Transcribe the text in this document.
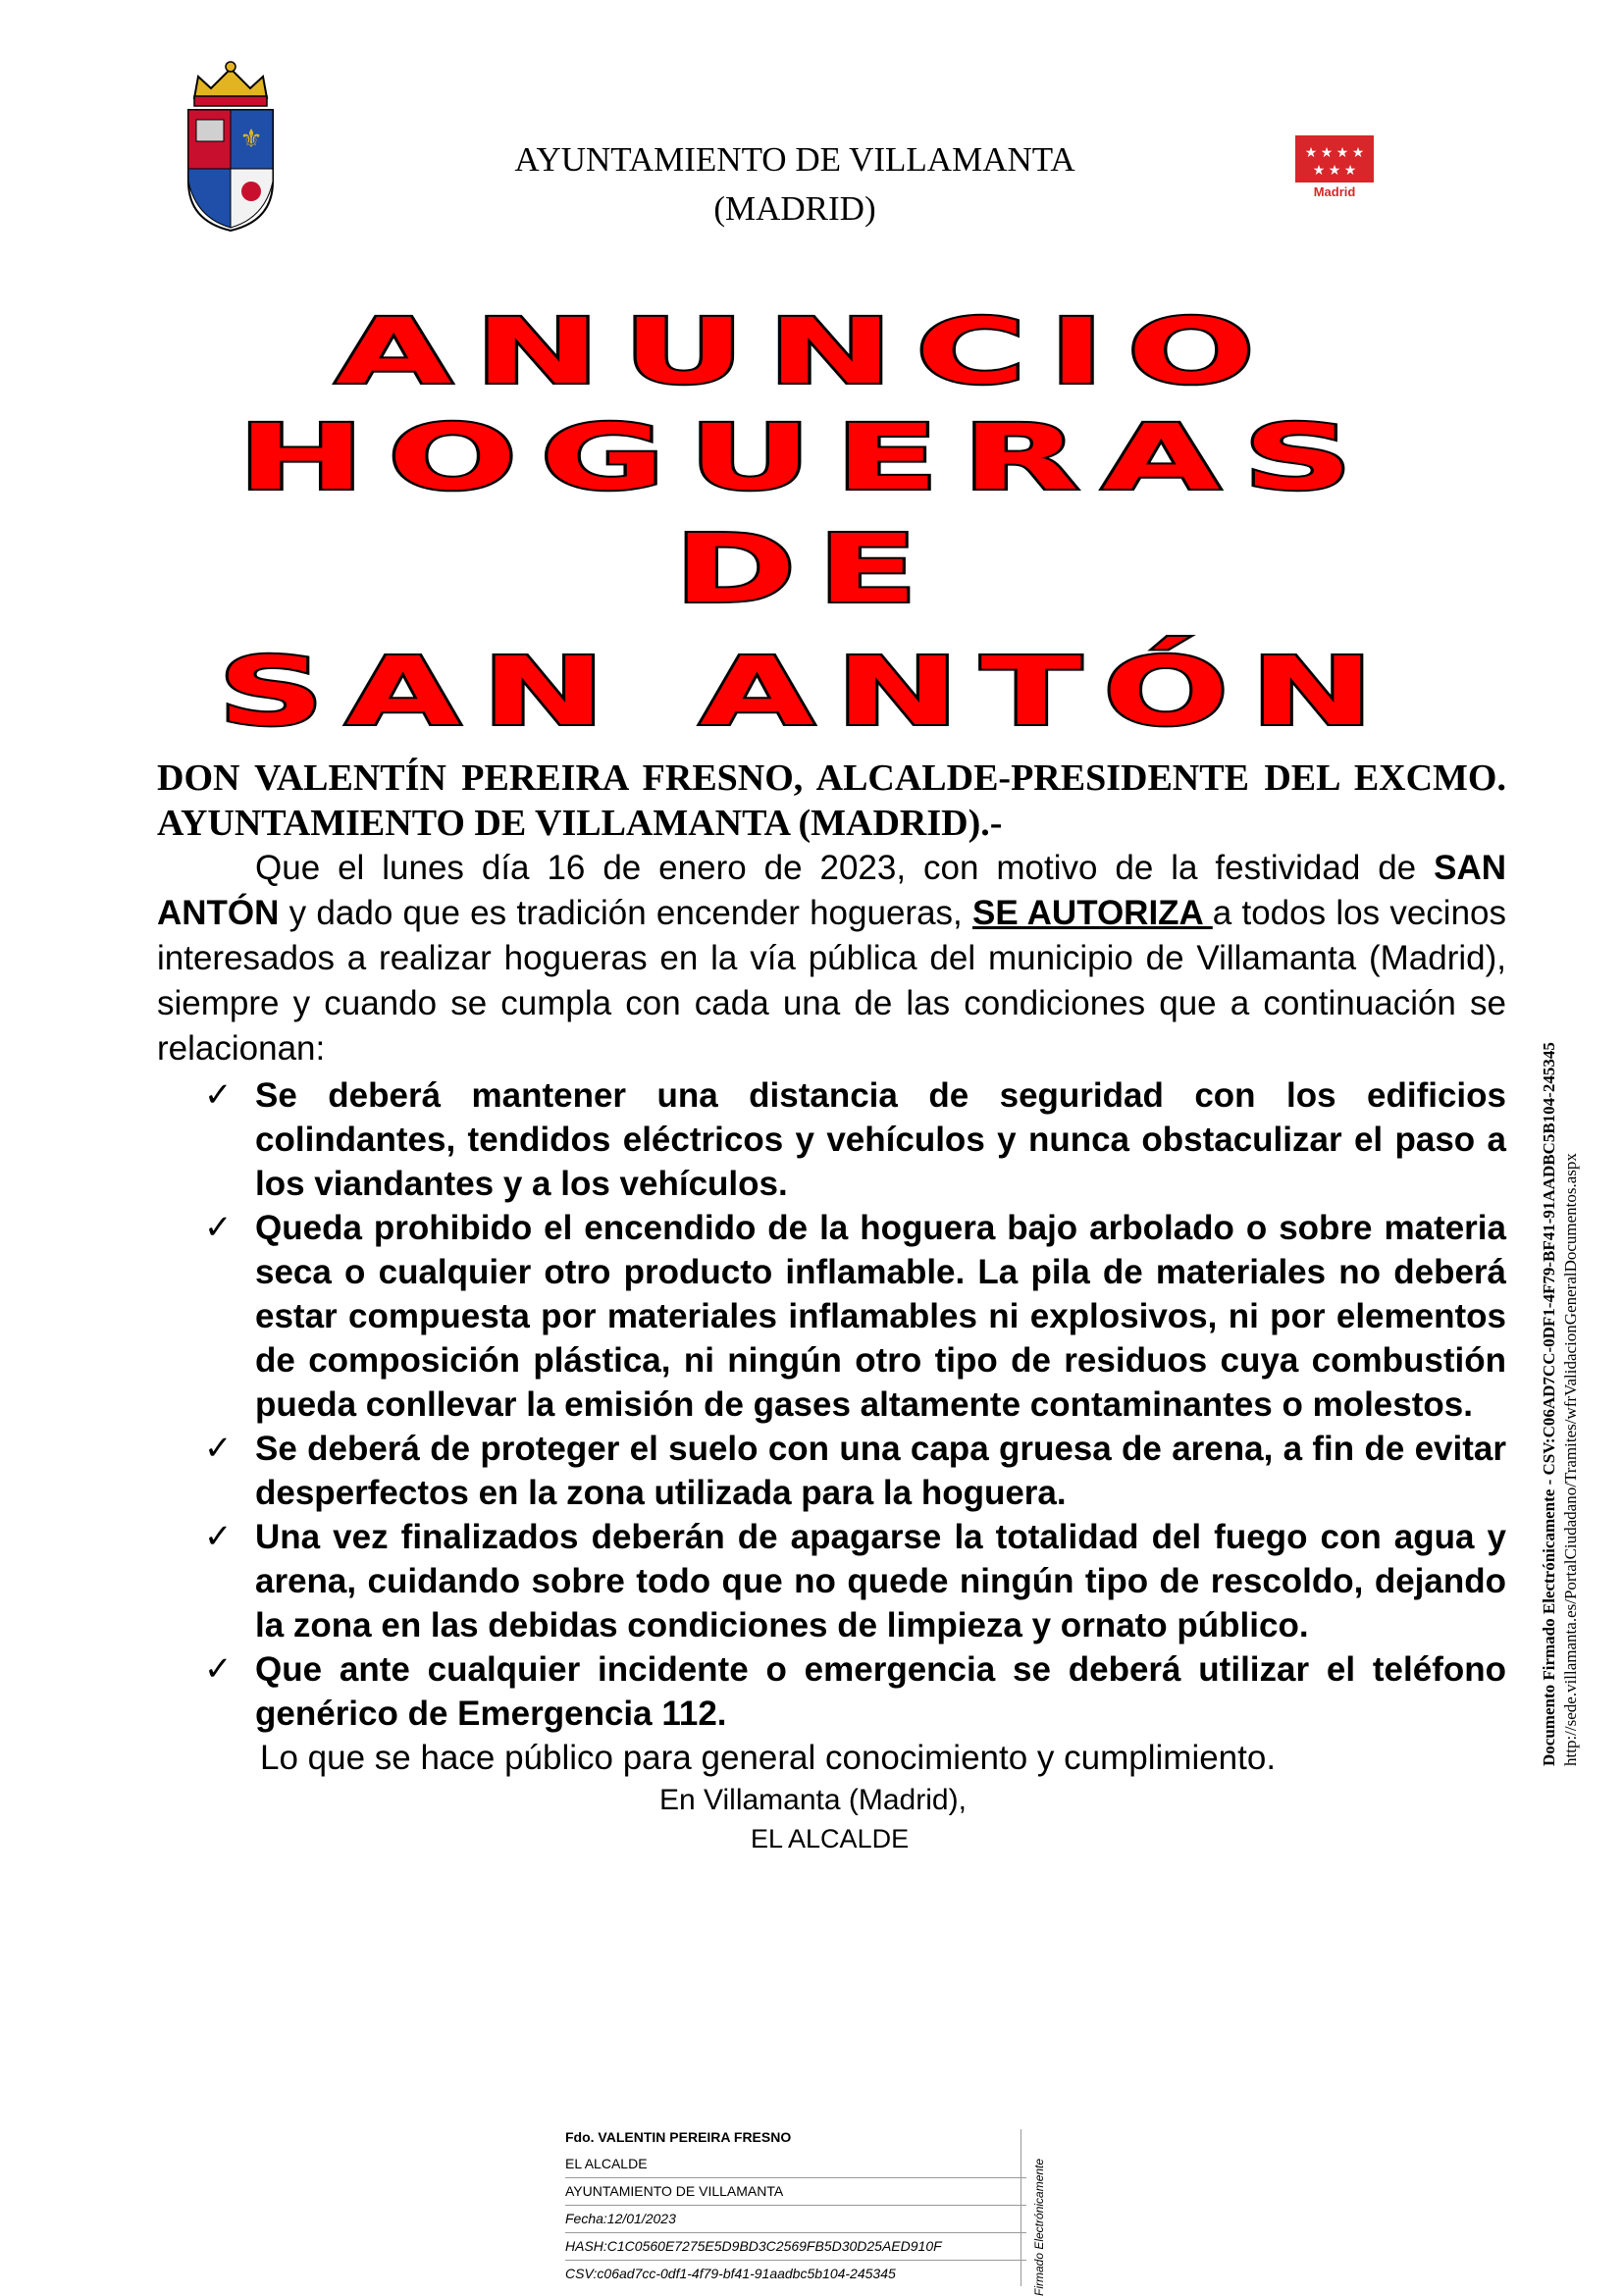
⚜
AYUNTAMIENTO DE VILLAMANTA
(MADRID)
★ ★ ★ ★
★ ★ ★
Madrid
ANUNCIO
HOGUERAS
DE
SAN ANTÓN

DON VALENTÍN PEREIRA FRESNO, ALCALDE-PRESIDENTE DEL EXCMO. AYUNTAMIENTO DE VILLAMANTA (MADRID).-

Que el lunes día 16 de enero de 2023, con motivo de la festividad de SAN ANTÓN y dado que es tradición encender hogueras, SE AUTORIZA a todos los vecinos interesados a realizar hogueras en la vía pública del municipio de Villamanta (Madrid), siempre y cuando se cumpla con cada una de las condiciones que a continuación se relacionan:

✓ Se deberá mantener una distancia de seguridad con los edificios colindantes, tendidos eléctricos y vehículos y nunca obstaculizar el paso a los viandantes y a los vehículos.
✓ Queda prohibido el encendido de la hoguera bajo arbolado o sobre materia seca o cualquier otro producto inflamable. La pila de materiales no deberá estar compuesta por materiales inflamables ni explosivos, ni por elementos de composición plástica, ni ningún otro tipo de residuos cuya combustión pueda conllevar la emisión de gases altamente contaminantes o molestos.
✓ Se deberá de proteger el suelo con una capa gruesa de arena, a fin de evitar desperfectos en la zona utilizada para la hoguera.
✓ Una vez finalizados deberán de apagarse la totalidad del fuego con agua y arena, cuidando sobre todo que no quede ningún tipo de rescoldo, dejando la zona en las debidas condiciones de limpieza y ornato público.
✓ Que ante cualquier incidente o emergencia se deberá utilizar el teléfono genérico de Emergencia 112.

Lo que se hace público para general conocimiento y cumplimiento.

En Villamanta (Madrid),

EL ALCALDE

Documento Firmado Electrónicamente - CSV:C06AD7CC-0DF1-4F79-BF41-91AADBC5B104-245345 http://sede.villamanta.es/PortalCiudadano/Tramites/wfrValidacionGeneralDocumentos.aspx
Fdo. VALENTIN PEREIRA FRESNO
EL ALCALDE
AYUNTAMIENTO DE VILLAMANTA
Fecha:12/01/2023
HASH:C1C0560E7275E5D9BD3C2569FB5D30D25AED910F
CSV:c06ad7cc-0df1-4f79-bf41-91aadbc5b104-245345	Firmado Electrónicamente
